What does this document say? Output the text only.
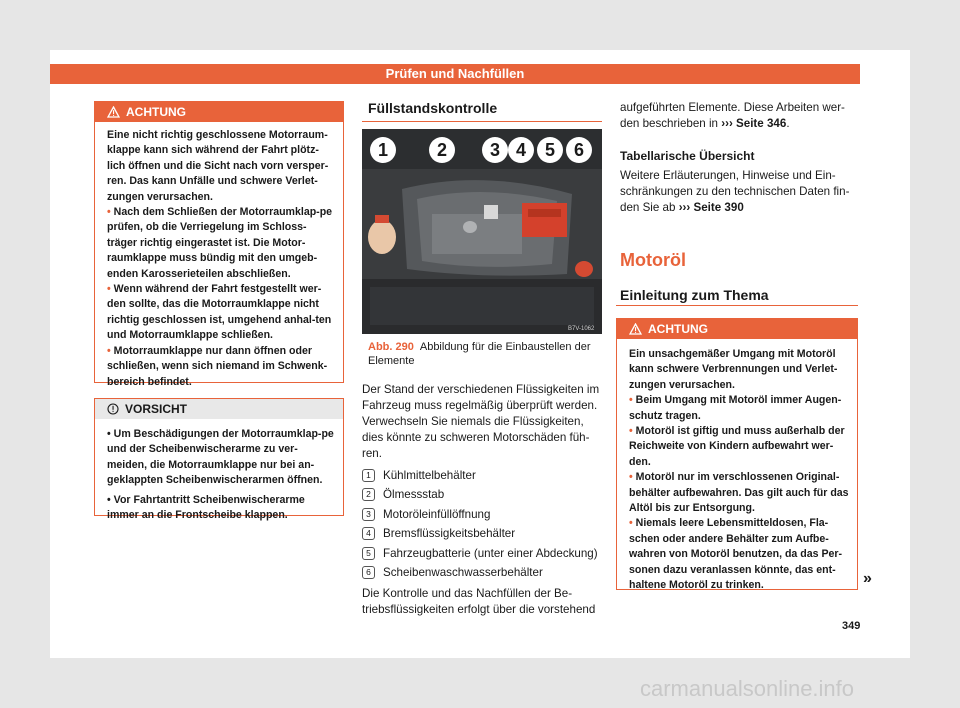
Prüfen und Nachfüllen
ACHTUNG

Eine nicht richtig geschlossene Motorraum-klappe kann sich während der Fahrt plötz-lich öffnen und die Sicht nach vorn versper-ren. Das kann Unfälle und schwere Verlet-zungen verursachen.

• Nach dem Schließen der Motorraumklap-pe prüfen, ob die Verriegelung im Schloss-träger richtig eingerastet ist. Die Motor-raumklappe muss bündig mit den umgeb-enden Karosserieteilen abschließen.

• Wenn während der Fahrt festgestellt wer-den sollte, das die Motorraumklappe nicht richtig geschlossen ist, umgehend anhal-ten und Motorraumklappe schließen.

• Motorraumklappe nur dann öffnen oder schließen, wenn sich niemand im Schwenk-bereich befindet.

VORSICHT

• Um Beschädigungen der Motorraumklap-pe und der Scheibenwischerarme zu ver-meiden, die Motorraumklappe nur bei an-geklappten Scheibenwischerarmen öffnen.

• Vor Fahrtantritt Scheibenwischerarme immer an die Frontscheibe klappen.

Füllstandskontrolle
B7V-1062
1	2	3 4	5	6
Abb. 290 Abbildung für die Einbaustellen der Elemente
Der Stand der verschiedenen Flüssigkeiten im Fahrzeug muss regelmäßig überprüft werden. Verwechseln Sie niemals die Flüssigkeiten, dies könnte zu schweren Motorschäden füh-ren.
1 Kühlmittelbehälter
2 Ölmessstab
3 Motoröleinfüllöffnung
4 Bremsflüssigkeitsbehälter
5 Fahrzeugbatterie (unter einer Abdeckung)
6 Scheibenwaschwasserbehälter
Die Kontrolle und das Nachfüllen der Be-triebsflüssigkeiten erfolgt über die vorstehend
aufgeführten Elemente. Diese Arbeiten wer-den beschrieben in ››› Seite 346.
Tabellarische Übersicht
Weitere Erläuterungen, Hinweise und Ein-schränkungen zu den technischen Daten fin-den Sie ab ››› Seite 390
Motoröl
Einleitung zum Thema
ACHTUNG

Ein unsachgemäßer Umgang mit Motoröl kann schwere Verbrennungen und Verlet-zungen verursachen.

• Beim Umgang mit Motoröl immer Augen-schutz tragen.

• Motoröl ist giftig und muss außerhalb der Reichweite von Kindern aufbewahrt wer-den.

• Motoröl nur im verschlossenen Original-behälter aufbewahren. Das gilt auch für das Altöl bis zur Entsorgung.

• Niemals leere Lebensmitteldosen, Fla-schen oder andere Behälter zum Aufbe-wahren von Motoröl benutzen, da das Per-sonen dazu veranlassen könnte, das ent-haltene Motoröl zu trinken.	»
349
carmanualsonline.info
